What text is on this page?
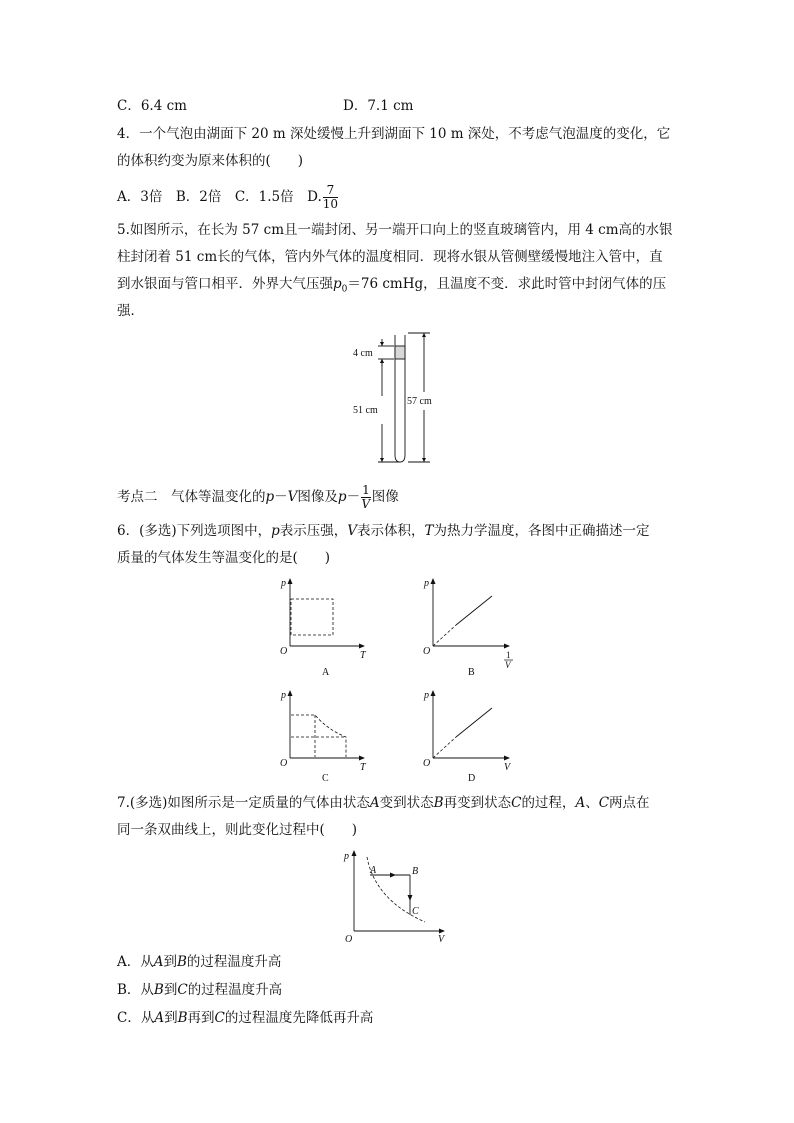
C．6.4 cm	D．7.1 cm
4．一个气泡由湖面下 20 m 深处缓慢上升到湖面下 10 m 深处，不考虑气泡温度的变化，它
的体积约变为原来体积的(　　)
A．3倍　B．2倍　C．1.5倍　D. $\frac{7}{10}$
5.如图所示，在长为 57 cm且一端封闭、另一端开口向上的竖直玻璃管内，用 4 cm高的水银
柱封闭着 51 cm长的气体，管内外气体的温度相同．现将水银从管侧壁缓慢地注入管中，直
到水银面与管口相平．外界大气压强$p_0=76$ cmHg，且温度不变．求此时管中封闭气体的压
强．
4 cm
51 cm
57 cm
考点二　气体等温变化的p－V图像及$p- \frac{1}{V}$ 图像
6．(多选)下列选项图中，p表示压强，V表示体积，T为热力学温度，各图中正确描述一定
质量的气体发生等温变化的是(　　)
p
T
O
A
p
1
V
O
B
p
T
O
C
p
V
O
D
7.(多选)如图所示是一定质量的气体由状态A变到状态B再变到状态C的过程，A、C两点在
同一条双曲线上，则此变化过程中(　　)
p
O	V
A	B
C
A．从A到B的过程温度升高
B．从B到C的过程温度升高
C．从A到B再到C的过程温度先降低再升高
